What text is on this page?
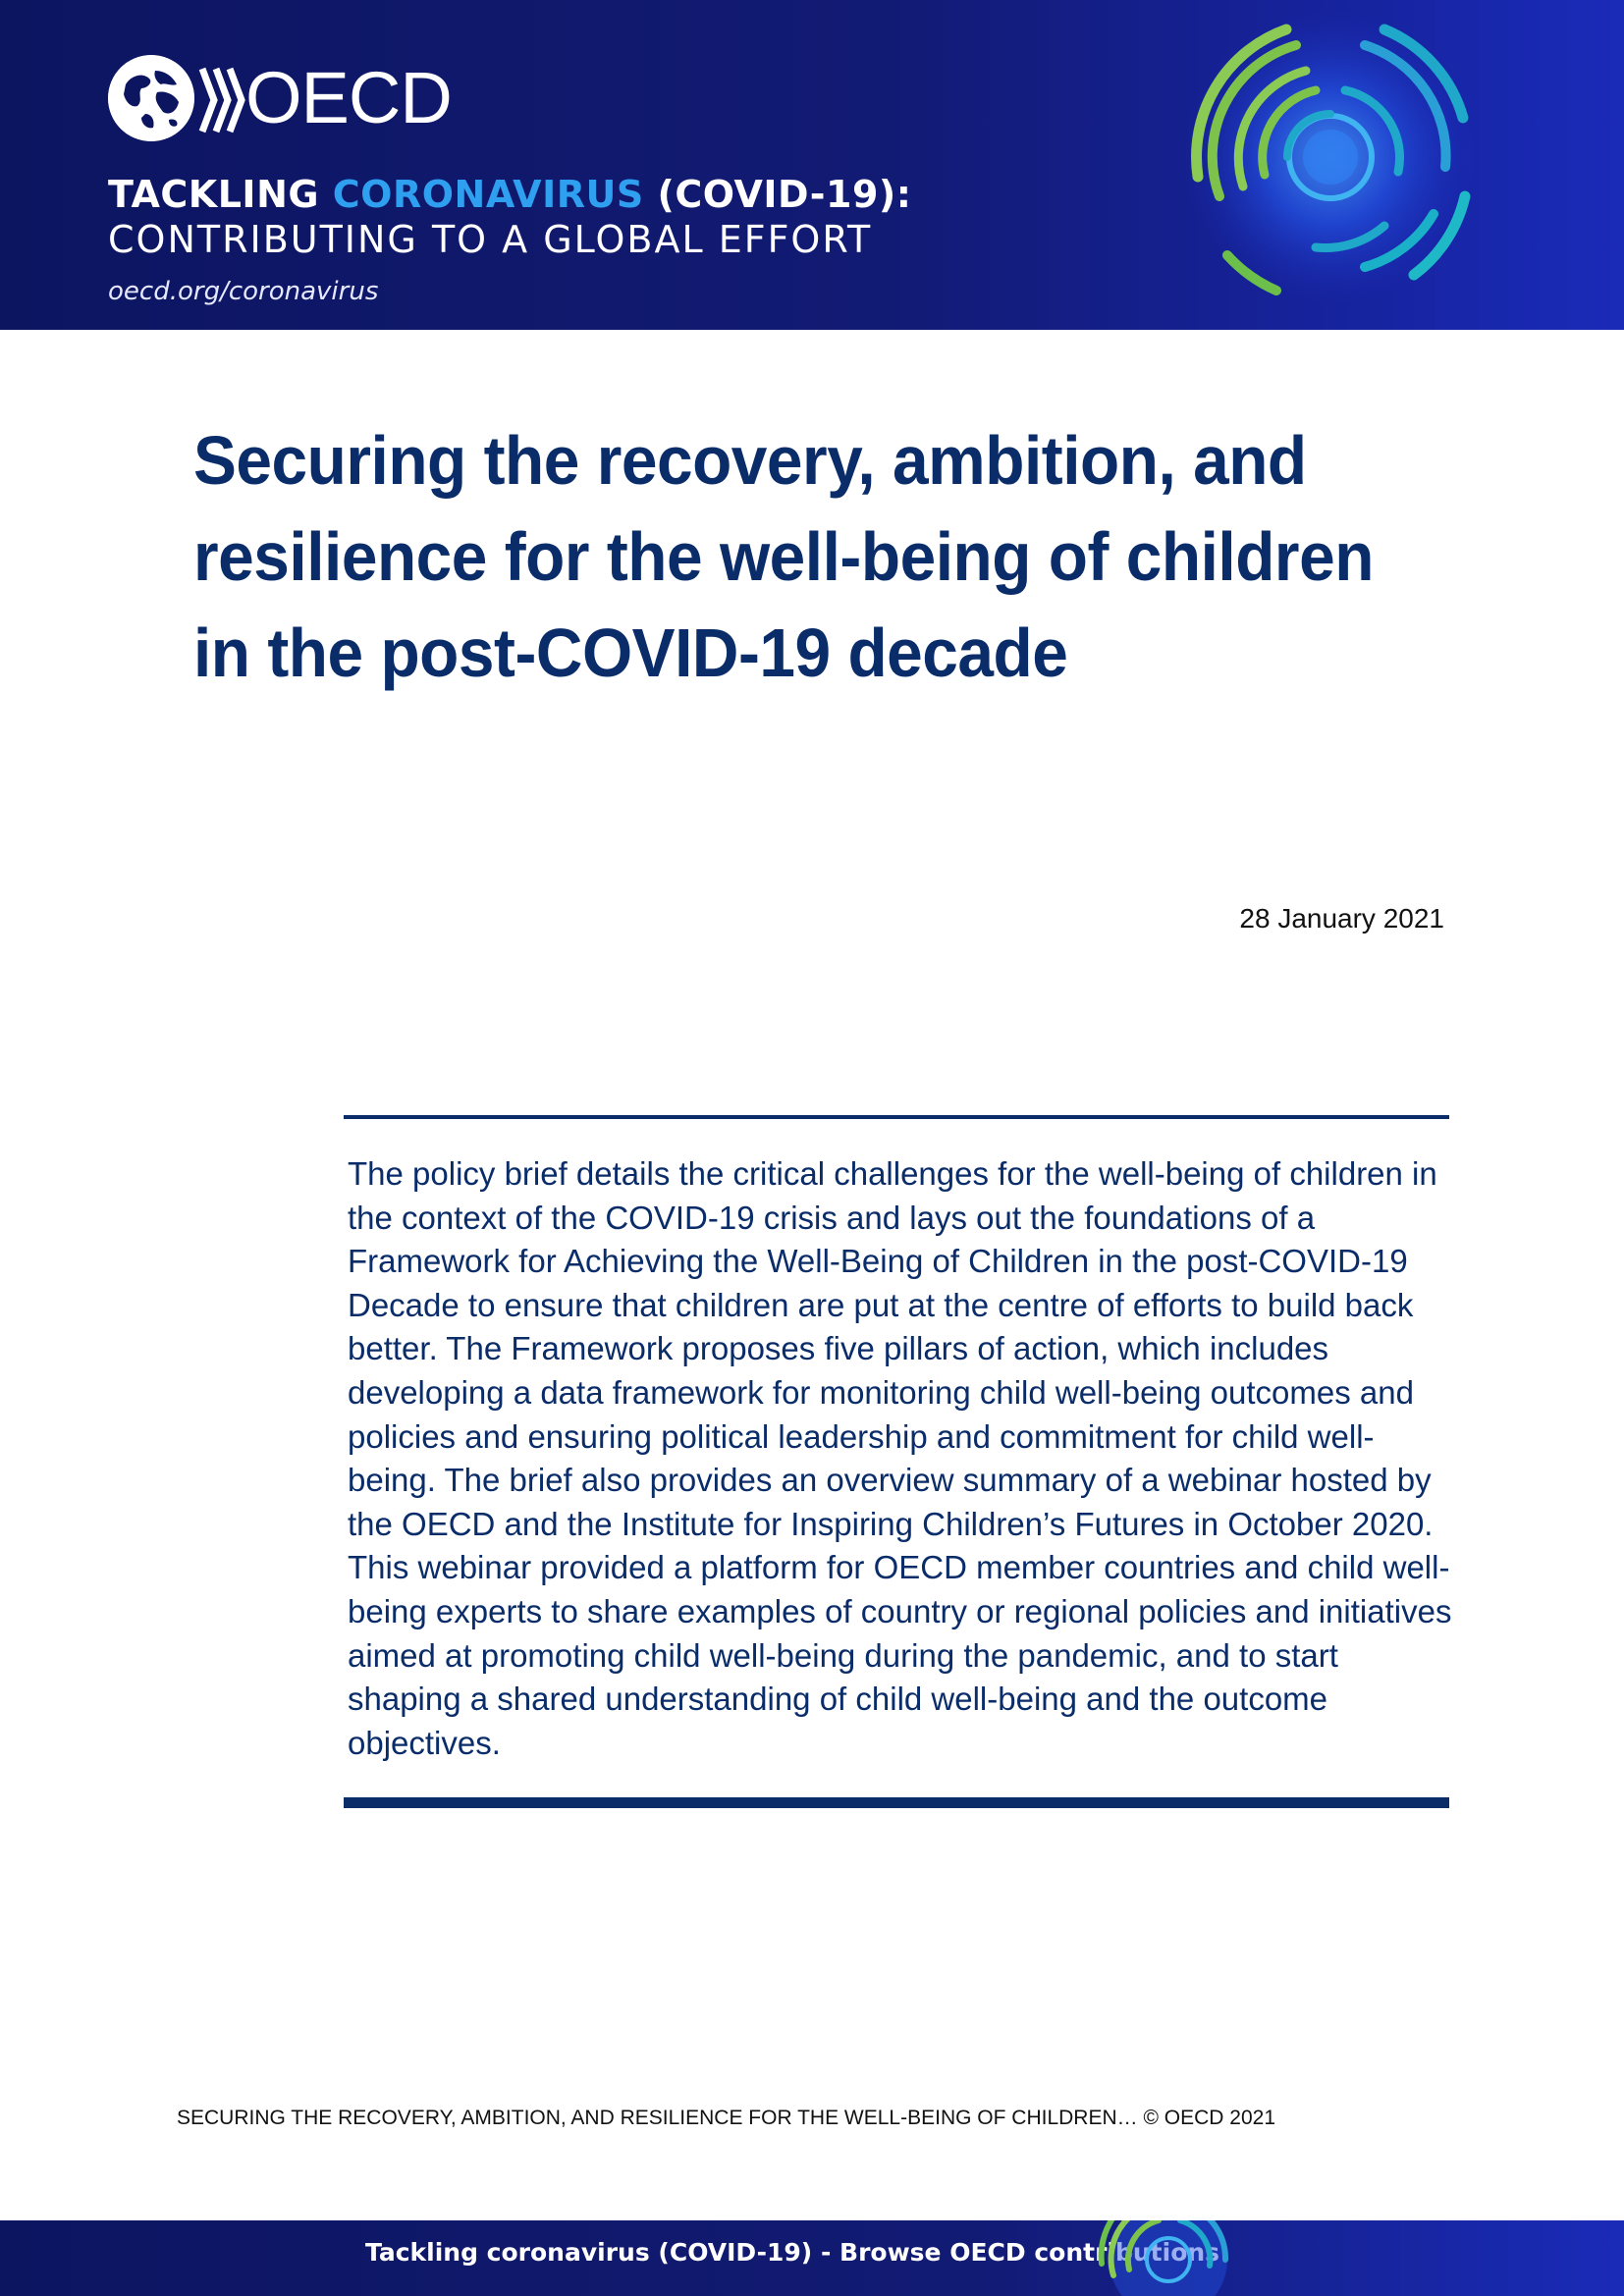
OECD
TACKLING CORONAVIRUS (COVID-19):
CONTRIBUTING TO A GLOBAL EFFORT
oecd.org/coronavirus
Securing the recovery, ambition, and
resilience for the well-being of children
in the post-COVID-19 decade
28 January 2021

The policy brief details the critical challenges for the well-being of children in the context of the COVID-19 crisis and lays out the foundations of a Framework for Achieving the Well-Being of Children in the post-COVID-19 Decade to ensure that children are put at the centre of efforts to build back better. The Framework proposes five pillars of action, which includes developing a data framework for monitoring child well-being outcomes and policies and ensuring political leadership and commitment for child well-being. The brief also provides an overview summary of a webinar hosted by the OECD and the Institute for Inspiring Children’s Futures in October 2020. This webinar provided a platform for OECD member countries and child well-being experts to share examples of country or regional policies and initiatives aimed at promoting child well-being during the pandemic, and to start shaping a shared understanding of child well-being and the outcome objectives.

SECURING THE RECOVERY, AMBITION, AND RESILIENCE FOR THE WELL-BEING OF CHILDREN… © OECD 2021
Tackling coronavirus (COVID-19) - Browse OECD contributions
